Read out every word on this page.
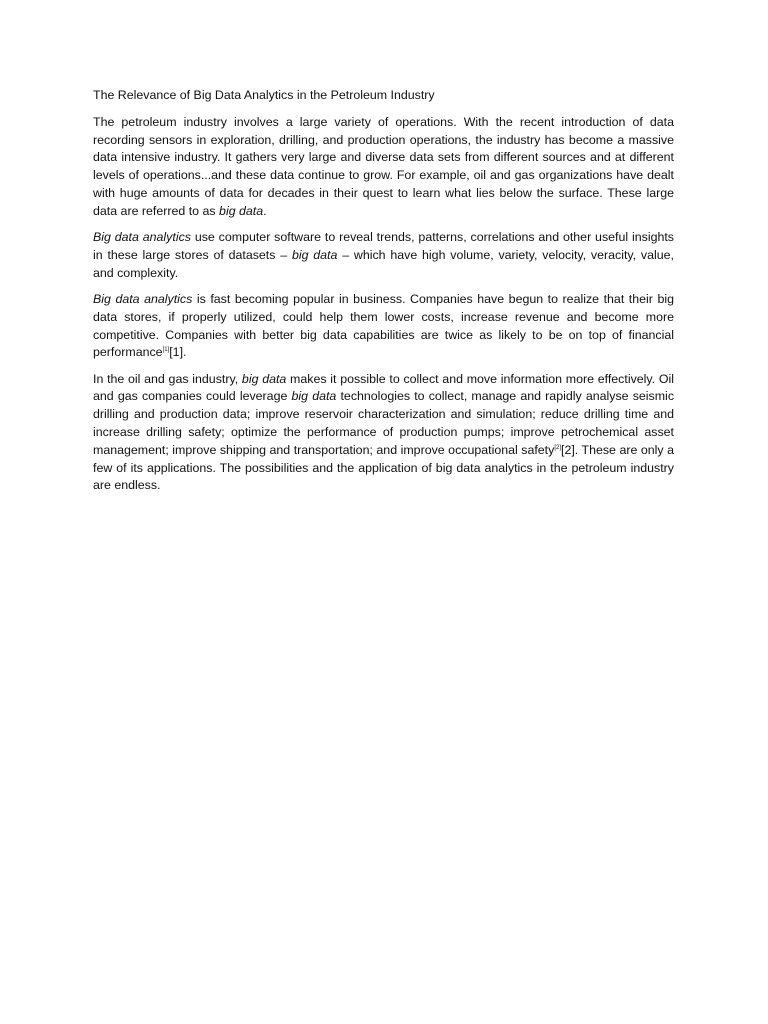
The Relevance of Big Data Analytics in the Petroleum Industry

The petroleum industry involves a large variety of operations. With the recent introduction of data recording sensors in exploration, drilling, and production operations, the industry has become a massive data intensive industry. It gathers very large and diverse data sets from different sources and at different levels of operations...and these data continue to grow. For example, oil and gas organizations have dealt with huge amounts of data for decades in their quest to learn what lies below the surface. These large data are referred to as big data.

Big data analytics use computer software to reveal trends, patterns, correlations and other useful insights in these large stores of datasets – big data – which have high volume, variety, velocity, veracity, value, and complexity.

Big data analytics is fast becoming popular in business. Companies have begun to realize that their big data stores, if properly utilized, could help them lower costs, increase revenue and become more competitive. Companies with better big data capabilities are twice as likely to be on top of financial performance[1][1].

In the oil and gas industry, big data makes it possible to collect and move information more effectively. Oil and gas companies could leverage big data technologies to collect, manage and rapidly analyse seismic drilling and production data; improve reservoir characterization and simulation; reduce drilling time and increase drilling safety; optimize the performance of production pumps; improve petrochemical asset management; improve shipping and transportation; and improve occupational safety[2][2]. These are only a few of its applications. The possibilities and the application of big data analytics in the petroleum industry are endless.
